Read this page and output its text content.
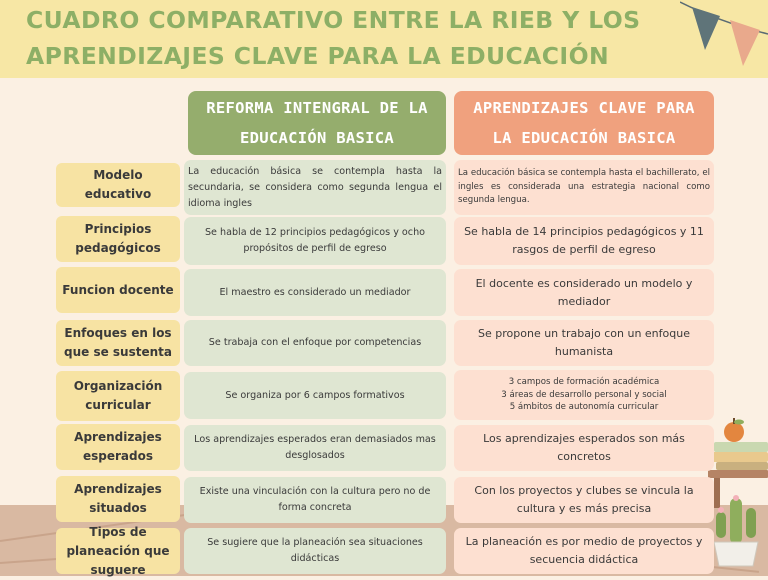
CUADRO COMPARATIVO ENTRE LA RIEB Y LOS
APRENDIZAJES CLAVE PARA LA EDUCACIÓN
REFORMA INTENGRAL DE LA
EDUCACIÓN BASICA
APRENDIZAJES CLAVE PARA
LA EDUCACIÓN BASICA
Modelo educativo
La educación básica se contempla hasta la secundaria, se considera como segunda lengua el idioma ingles
La educación básica se contempla hasta el bachillerato, el ingles es considerada una estrategia nacional como segunda lengua.
Principios pedagógicos
Se habla de 12 principios pedagógicos y ocho propósitos de perfil de egreso
Se habla de 14 principios pedagógicos y 11 rasgos de perfil de egreso
Funcion docente	El maestro es considerado un mediador
El docente es considerado un modelo y mediador
Enfoques en los que se sustenta
Se trabaja con el enfoque por competencias
Se propone un trabajo con un enfoque humanista
Organización curricular
Se organiza por 6 campos formativos
3 campos de formación académica
3 áreas de desarrollo personal y social
5 ámbitos de autonomía curricular
Aprendizajes esperados
Los aprendizajes esperados eran demasiados mas desglosados
Los aprendizajes esperados son más concretos
Aprendizajes situados
Existe una vinculación con la cultura pero no de forma concreta
Con los proyectos y clubes se vincula la cultura y es más precisa
Tipos de planeación que suguere
Se sugiere que la planeación sea situaciones didácticas
La planeación es por medio de proyectos y secuencia didáctica
